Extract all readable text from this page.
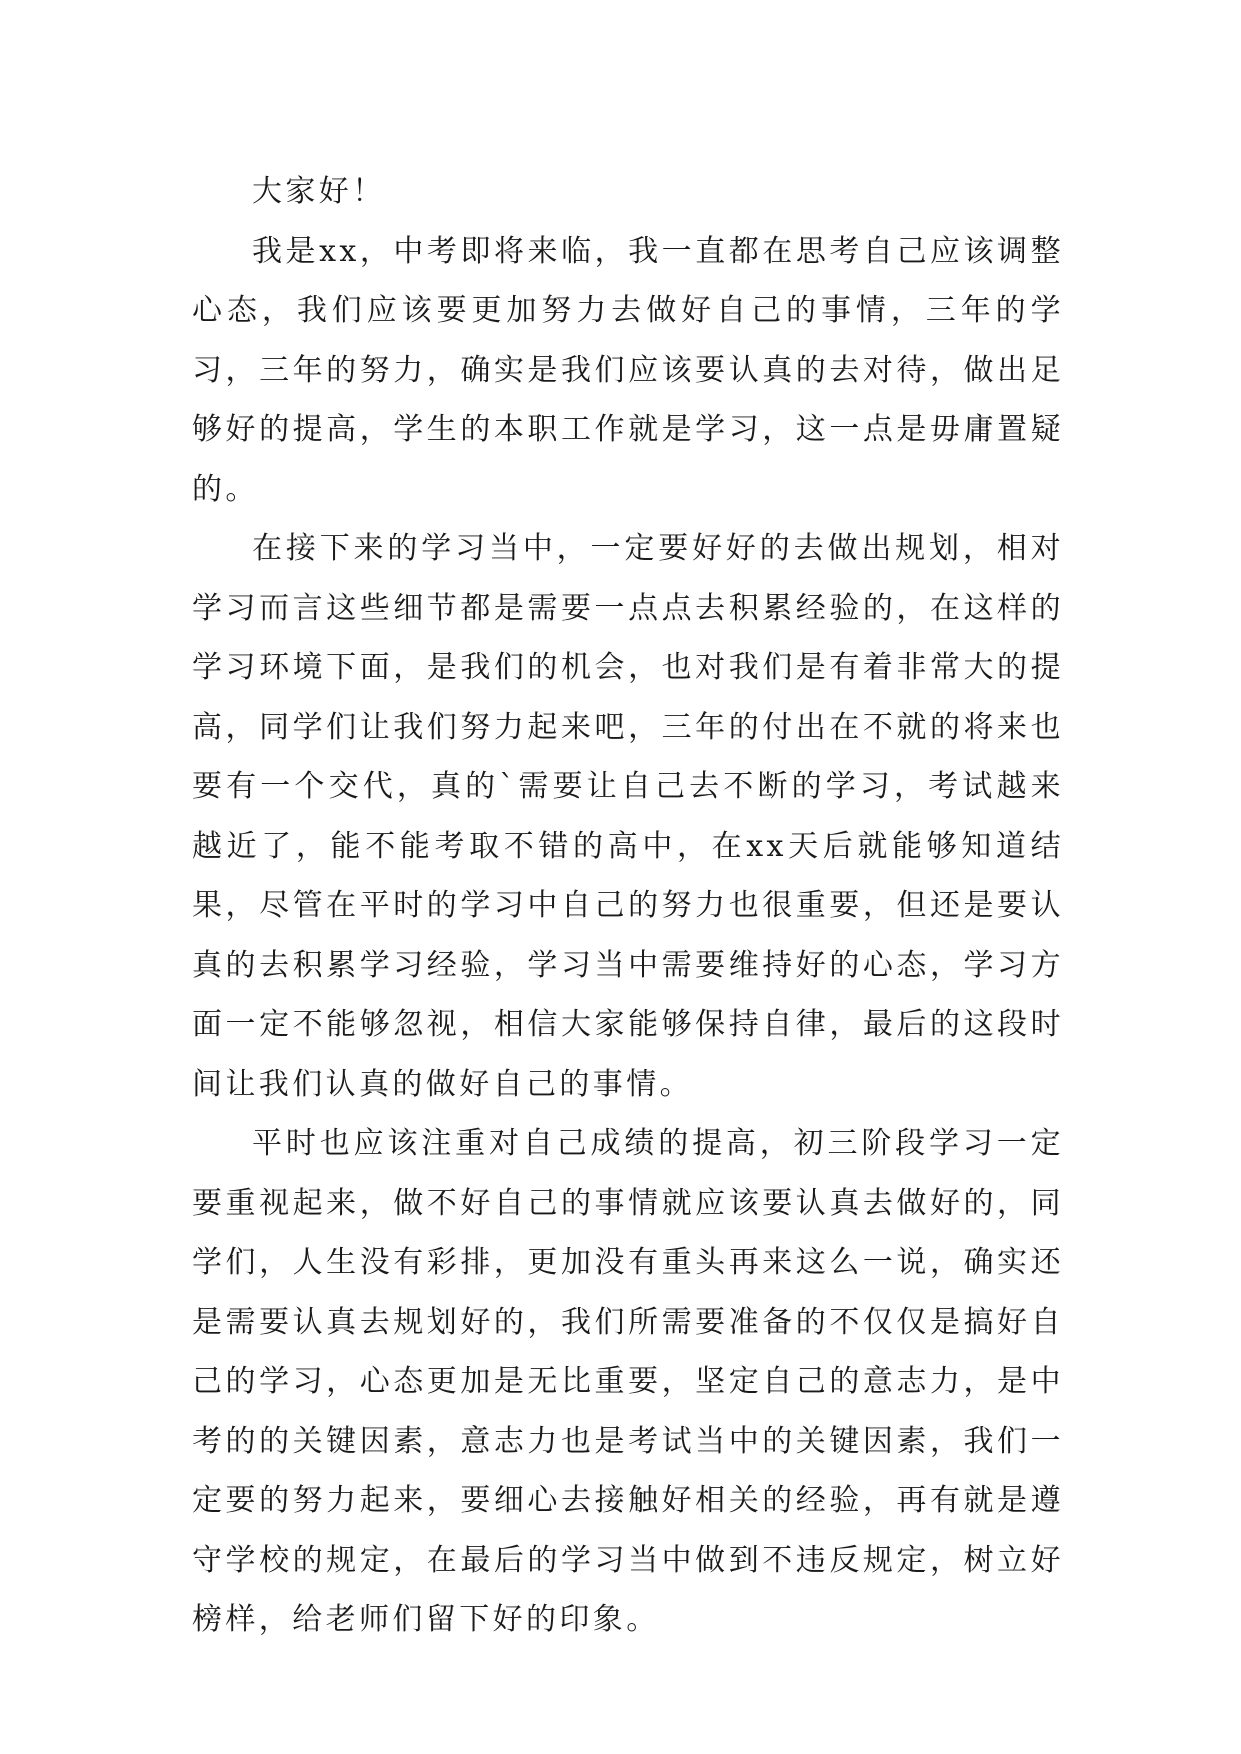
大家好！

我是xx，中考即将来临，我一直都在思考自己应该调整心态，我们应该要更加努力去做好自己的事情，三年的学习，三年的努力，确实是我们应该要认真的去对待，做出足够好的提高，学生的本职工作就是学习，这一点是毋庸置疑的。

在接下来的学习当中，一定要好好的去做出规划，相对学习而言这些细节都是需要一点点去积累经验的，在这样的学习环境下面，是我们的机会，也对我们是有着非常大的提高，同学们让我们努力起来吧，三年的付出在不就的将来也要有一个交代，真的`需要让自己去不断的学习，考试越来越近了，能不能考取不错的高中，在xx天后就能够知道结果，尽管在平时的学习中自己的努力也很重要，但还是要认真的去积累学习经验，学习当中需要维持好的心态，学习方面一定不能够忽视，相信大家能够保持自律，最后的这段时间让我们认真的做好自己的事情。

平时也应该注重对自己成绩的提高，初三阶段学习一定要重视起来，做不好自己的事情就应该要认真去做好的，同学们，人生没有彩排，更加没有重头再来这么一说，确实还是需要认真去规划好的，我们所需要准备的不仅仅是搞好自己的学习，心态更加是无比重要，坚定自己的意志力，是中考的的关键因素，意志力也是考试当中的关键因素，我们一定要的努力起来，要细心去接触好相关的经验，再有就是遵守学校的规定，在最后的学习当中做到不违反规定，树立好榜样，给老师们留下好的印象。
